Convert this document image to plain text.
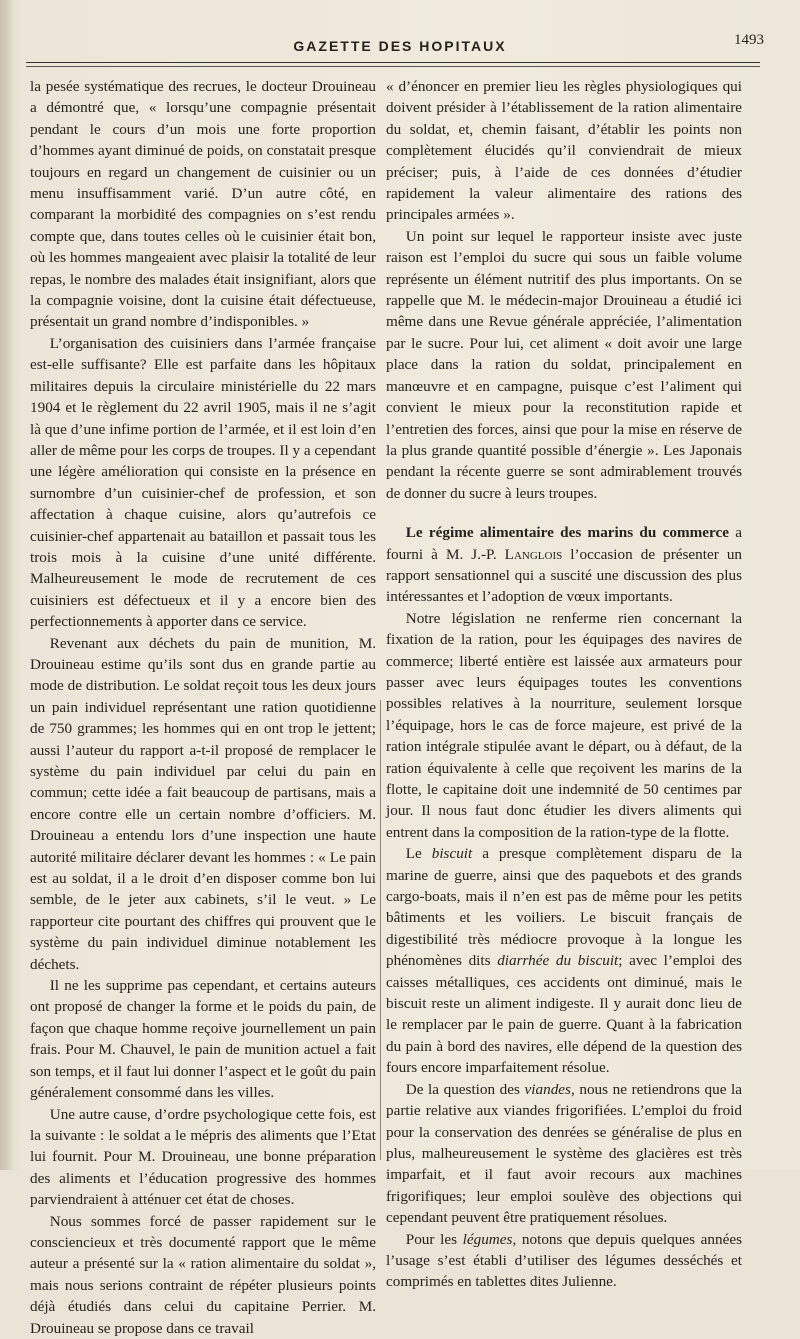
GAZETTE DES HOPITAUX	1493

la pesée systématique des recrues, le docteur Drouineau a démontré que, « lorsqu’une compagnie présentait pendant le cours d’un mois une forte proportion d’hommes ayant diminué de poids, on constatait presque toujours en regard un changement de cuisinier ou un menu insuffisamment varié. D’un autre côté, en comparant la morbidité des compagnies on s’est rendu compte que, dans toutes celles où le cuisinier était bon, où les hommes mangeaient avec plaisir la totalité de leur repas, le nombre des malades était insignifiant, alors que la compagnie voisine, dont la cuisine était défectueuse, présentait un grand nombre d’indisponibles. »

L’organisation des cuisiniers dans l’armée française est-elle suffisante? Elle est parfaite dans les hôpitaux militaires depuis la circulaire ministérielle du 22 mars 1904 et le règlement du 22 avril 1905, mais il ne s’agit là que d’une infime portion de l’armée, et il est loin d’en aller de même pour les corps de troupes. Il y a cependant une légère amélioration qui consiste en la présence en surnombre d’un cuisinier-chef de profession, et son affectation à chaque cuisine, alors qu’autrefois ce cuisinier-chef appartenait au bataillon et passait tous les trois mois à la cuisine d’une unité différente. Malheureusement le mode de recrutement de ces cuisiniers est défectueux et il y a encore bien des perfectionnements à apporter dans ce service.

Revenant aux déchets du pain de munition, M. Drouineau estime qu’ils sont dus en grande partie au mode de distribution. Le soldat reçoit tous les deux jours un pain individuel représentant une ration quotidienne de 750 grammes; les hommes qui en ont trop le jettent; aussi l’auteur du rapport a-t-il proposé de remplacer le système du pain individuel par celui du pain en commun; cette idée a fait beaucoup de partisans, mais a encore contre elle un certain nombre d’officiers. M. Drouineau a entendu lors d’une inspection une haute autorité militaire déclarer devant les hommes : « Le pain est au soldat, il a le droit d’en disposer comme bon lui semble, de le jeter aux cabinets, s’il le veut. » Le rapporteur cite pourtant des chiffres qui prouvent que le système du pain individuel diminue notablement les déchets.

Il ne les supprime pas cependant, et certains auteurs ont proposé de changer la forme et le poids du pain, de façon que chaque homme reçoive journellement un pain frais. Pour M. Chauvel, le pain de munition actuel a fait son temps, et il faut lui donner l’aspect et le goût du pain généralement consommé dans les villes.

Une autre cause, d’ordre psychologique cette fois, est la suivante : le soldat a le mépris des aliments que l’Etat lui fournit. Pour M. Drouineau, une bonne préparation des aliments et l’éducation progressive des hommes parviendraient à atténuer cet état de choses.

Nous sommes forcé de passer rapidement sur le consciencieux et très documenté rapport que le même auteur a présenté sur la « ration alimentaire du soldat », mais nous serions contraint de répéter plusieurs points déjà étudiés dans celui du capitaine Perrier. M. Drouineau se propose dans ce travail

« d’énoncer en premier lieu les règles physiologiques qui doivent présider à l’établissement de la ration alimentaire du soldat, et, chemin faisant, d’établir les points non complètement élucidés qu’il conviendrait de mieux préciser; puis, à l’aide de ces données d’étudier rapidement la valeur alimentaire des rations des principales armées ».

Un point sur lequel le rapporteur insiste avec juste raison est l’emploi du sucre qui sous un faible volume représente un élément nutritif des plus importants. On se rappelle que M. le médecin-major Drouineau a étudié ici même dans une Revue générale appréciée, l’alimentation par le sucre. Pour lui, cet aliment « doit avoir une large place dans la ration du soldat, principalement en manœuvre et en campagne, puisque c’est l’aliment qui convient le mieux pour la reconstitution rapide et l’entretien des forces, ainsi que pour la mise en réserve de la plus grande quantité possible d’énergie ». Les Japonais pendant la récente guerre se sont admirablement trouvés de donner du sucre à leurs troupes.

Le régime alimentaire des marins du commerce a fourni à M. J.-P. Langlois l’occasion de présenter un rapport sensationnel qui a suscité une discussion des plus intéressantes et l’adoption de vœux importants.

Notre législation ne renferme rien concernant la fixation de la ration, pour les équipages des navires de commerce; liberté entière est laissée aux armateurs pour passer avec leurs équipages toutes les conventions possibles relatives à la nourriture, seulement lorsque l’équipage, hors le cas de force majeure, est privé de la ration intégrale stipulée avant le départ, ou à défaut, de la ration équivalente à celle que reçoivent les marins de la flotte, le capitaine doit une indemnité de 50 centimes par jour. Il nous faut donc étudier les divers aliments qui entrent dans la composition de la ration-type de la flotte.

Le biscuit a presque complètement disparu de la marine de guerre, ainsi que des paquebots et des grands cargo-boats, mais il n’en est pas de même pour les petits bâtiments et les voiliers. Le biscuit français de digestibilité très médiocre provoque à la longue les phénomènes dits diarrhée du biscuit; avec l’emploi des caisses métalliques, ces accidents ont diminué, mais le biscuit reste un aliment indigeste. Il y aurait donc lieu de le remplacer par le pain de guerre. Quant à la fabrication du pain à bord des navires, elle dépend de la question des fours encore imparfaitement résolue.

De la question des viandes, nous ne retiendrons que la partie relative aux viandes frigorifiées. L’emploi du froid pour la conservation des denrées se généralise de plus en plus, malheureusement le système des glacières est très imparfait, et il faut avoir recours aux machines frigorifiques; leur emploi soulève des objections qui cependant peuvent être pratiquement résolues.

Pour les légumes, notons que depuis quelques années l’usage s’est établi d’utiliser des légumes desséchés et comprimés en tablettes dites Julienne.
